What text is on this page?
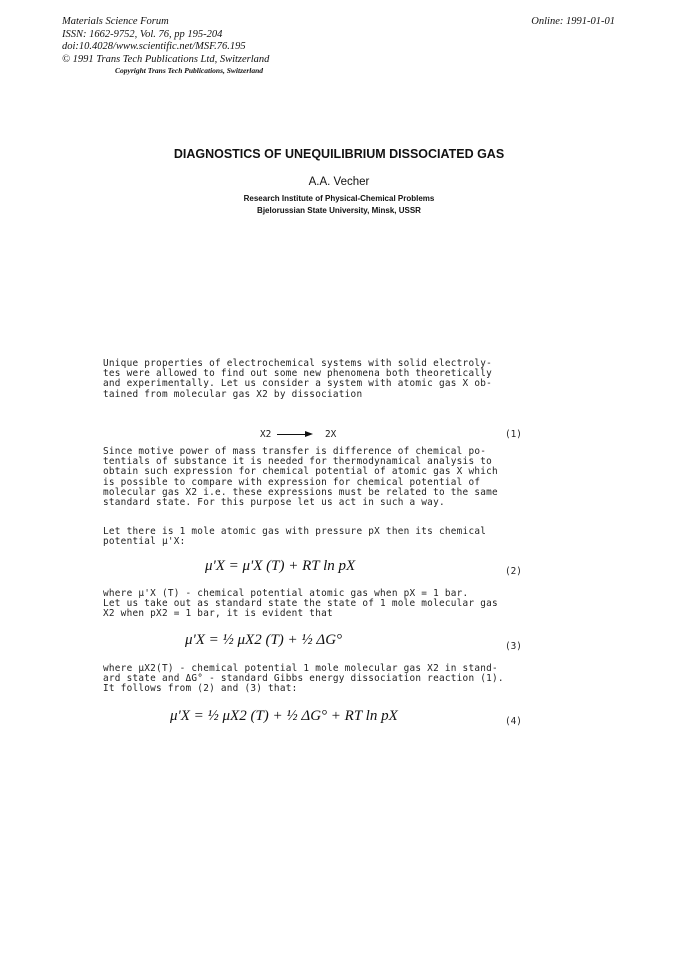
Materials Science Forum
ISSN: 1662-9752, Vol. 76, pp 195-204
doi:10.4028/www.scientific.net/MSF.76.195
© 1991 Trans Tech Publications Ltd, Switzerland
Online: 1991-01-01
Copyright Trans Tech Publications, Switzerland
DIAGNOSTICS OF UNEQUILIBRIUM DISSOCIATED GAS
A.A. Vecher
Research Institute of Physical-Chemical Problems
Bjelorussian State University, Minsk, USSR
Unique properties of electrochemical systems with solid electroly-
tes were allowed to find out some new phenomena both theoretically
and experimentally. Let us consider a system with atomic gas X ob-
tained from molecular gas X2 by dissociation
X2 → 2X	(1)
Since motive power of mass transfer is difference of chemical po-
tentials of substance it is needed for thermodynamical analysis to
obtain such expression for chemical potential of atomic gas X which
is possible to compare with expression for chemical potential of
molecular gas X2 i.e. these expressions must be related to the same
standard state. For this purpose let us act in such a way.
Let there is 1 mole atomic gas with pressure pX then its chemical
potential μ'X:
μ'X = μ'X (T) + RT ln pX	(2)
where μ'X (T) - chemical potential atomic gas when pX = 1 bar.
Let us take out as standard state the state of 1 mole molecular gas
X2 when pX2 = 1 bar, it is evident that
μ'X = ½ μX2 (T) + ½ ΔG°	(3)
where μX2(T) - chemical potential 1 mole molecular gas X2 in stand-
ard state and ΔG° - standard Gibbs energy dissociation reaction (1).
It follows from (2) and (3) that:
μ'X = ½ μX2 (T) + ½ ΔG° + RT ln pX	(4)
